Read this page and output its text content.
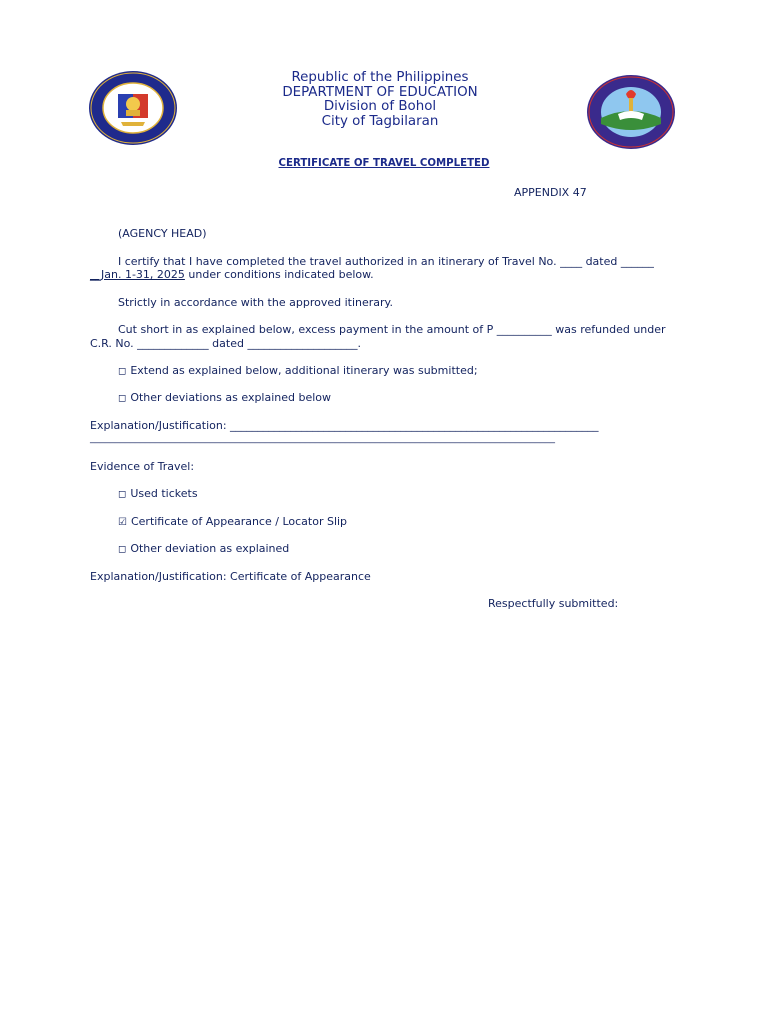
Republic of the Philippines
DEPARTMENT OF EDUCATION
Division of Bohol
City of Tagbilaran
CERTIFICATE OF TRAVEL COMPLETED
APPENDIX 47
(AGENCY HEAD)
I certify that I have completed the travel authorized in an itinerary of Travel No. ____ dated ______
__Jan. 1-31, 2025 under conditions indicated below.
Strictly in accordance with the approved itinerary.
Cut short in as explained below, excess payment in the amount of P __________ was refunded under
C.R. No. _____________ dated ____________________.
◻ Extend as explained below, additional itinerary was submitted;
◻ Other deviations as explained below
Explanation/Justification: ___________________________________________________________________
_____________________________________________________________________________________________
Evidence of Travel:
◻ Used tickets
☑ Certificate of Appearance / Locator Slip
◻ Other deviation as explained
Explanation/Justification: Certificate of Appearance
Respectfully submitted:
